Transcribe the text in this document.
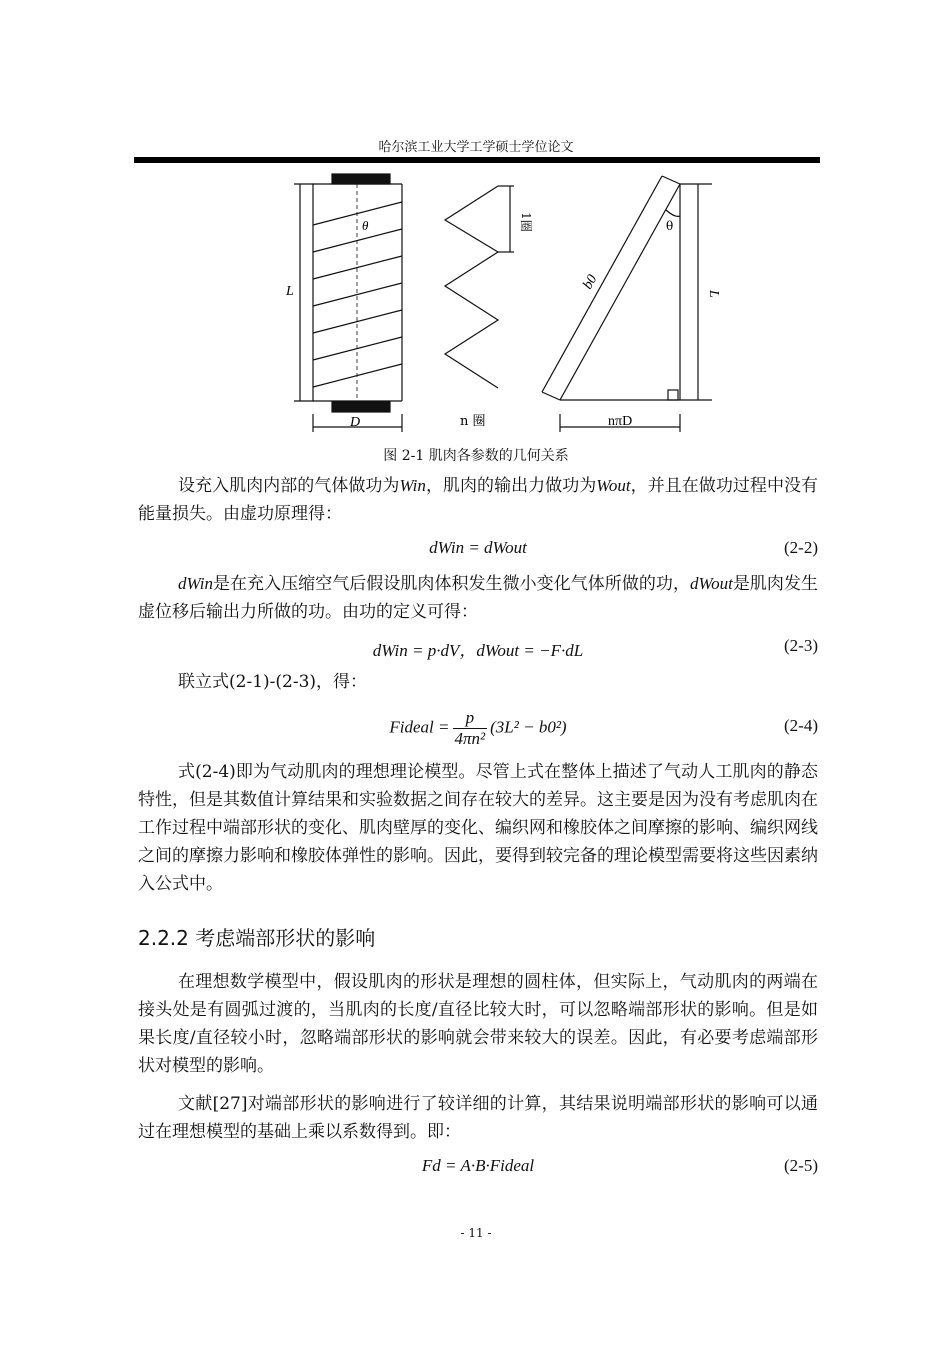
哈尔滨工业大学工学硕士学位论文
θ
L
D
1圈
n 圈
b0
θ
L
nπD
图 2-1 肌肉各参数的几何关系
设充入肌肉内部的气体做功为Win，肌肉的输出力做功为Wout，并且在做功过程中没有能量损失。由虚功原理得：
dWin = dWout	(2-2)
dWin是在充入压缩空气后假设肌肉体积发生微小变化气体所做的功，dWout是肌肉发生虚位移后输出力所做的功。由功的定义可得：
dWin = p·dV，dWout = −F·dL	(2-3)
联立式(2-1)-(2-3)，得：
Fideal = $\frac{p}{\text{4πn²}} (3L^2 - b0^2)$	(2-4)
式(2-4)即为气动肌肉的理想理论模型。尽管上式在整体上描述了气动人工肌肉的静态特性，但是其数值计算结果和实验数据之间存在较大的差异。这主要是因为没有考虑肌肉在工作过程中端部形状的变化、肌肉壁厚的变化、编织网和橡胶体之间摩擦的影响、编织网线之间的摩擦力影响和橡胶体弹性的影响。因此，要得到较完备的理论模型需要将这些因素纳入公式中。
2.2.2 考虑端部形状的影响
在理想数学模型中，假设肌肉的形状是理想的圆柱体，但实际上，气动肌肉的两端在接头处是有圆弧过渡的，当肌肉的长度/直径比较大时，可以忽略端部形状的影响。但是如果长度/直径较小时，忽略端部形状的影响就会带来较大的误差。因此，有必要考虑端部形状对模型的影响。
文献[27]对端部形状的影响进行了较详细的计算，其结果说明端部形状的影响可以通过在理想模型的基础上乘以系数得到。即：
Fd = A·B·Fideal	(2-5)
- 11 -
